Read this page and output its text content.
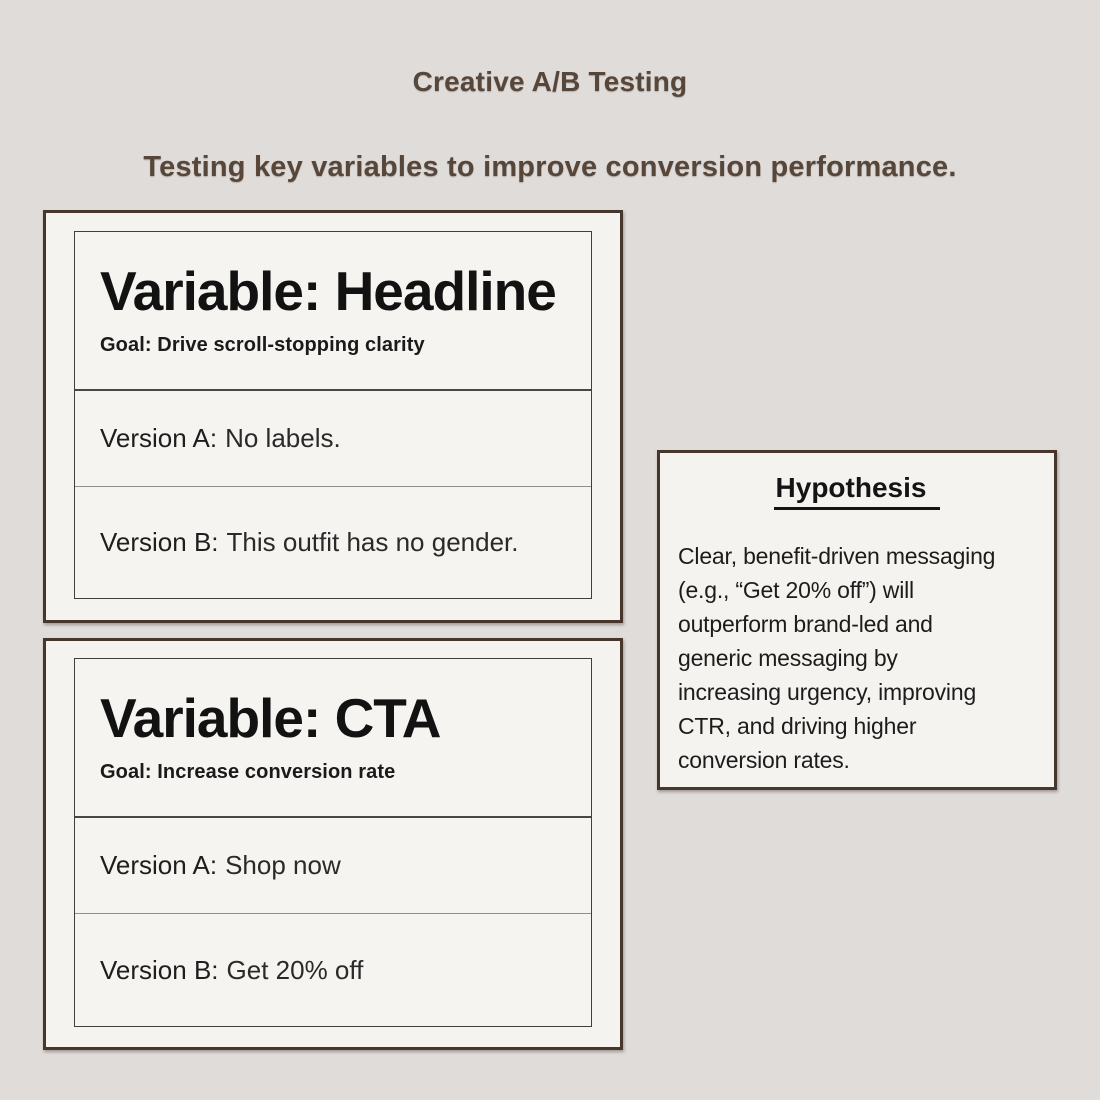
Creative A/B Testing
Testing key variables to improve conversion performance.
Variable: Headline
Goal: Drive scroll-stopping clarity
Version A: No labels.
Version B: This outfit has no gender.
Variable: CTA
Goal: Increase conversion rate
Version A: Shop now
Version B: Get 20% off
Hypothesis
Clear, benefit-driven messaging
(e.g., “Get 20% off”) will
outperform brand-led and
generic messaging by
increasing urgency, improving
CTR, and driving higher
conversion rates.
